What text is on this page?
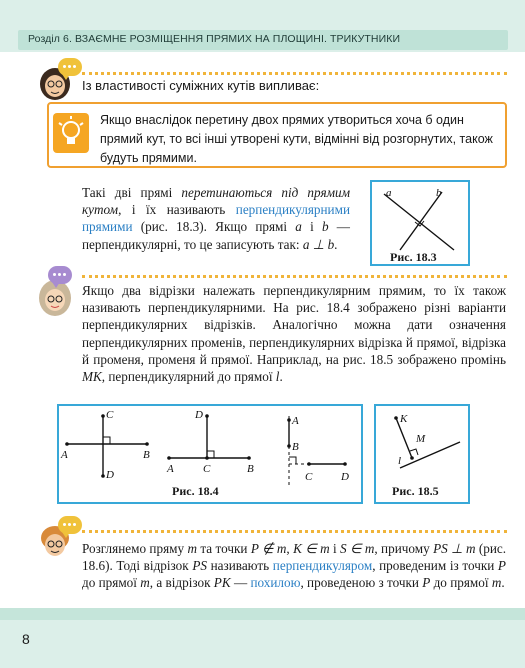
Розділ 6. ВЗАЄМНЕ РОЗМІЩЕННЯ ПРЯМИХ НА ПЛОЩИНІ. ТРИКУТНИКИ
Із властивості суміжних кутів випливає:
Якщо внаслідок перетину двох прямих утвориться хоча б один прямий кут, то всі інші утворені кути, відмінні від розгорнутих, також будуть прямими.
Такі дві прямі перетинаються під прямим кутом, і їх називають перпендикулярними прямими (рис. 18.3). Якщо прямі a і b — перпендикулярні, то це записують так: a ⊥ b.
a	b
Рис. 18.3
Якщо два відрізки належать перпендикулярним прямим, то їх також називають перпендикулярними. На рис. 18.4 зображено різні варіанти перпендикулярних відрізків. Аналогічно можна дати означення перпендикулярних променів, перпендикулярних відрізка й прямої, відрізка й променя, променя й прямої. Наприклад, на рис. 18.5 зображено промінь MK, перпендикулярний до прямої l.
C
A	B
D
D
A	C	B
A
B
C	D
Рис. 18.4
K
M
l
Рис. 18.5
Розглянемо пряму m та точки P ∉ m, K ∈ m і S ∈ m, причому PS ⊥ m (рис. 18.6). Тоді відрізок PS називають перпендикуляром, проведеним із точки P до прямої m, а відрізок PK — похилою, проведеною з точки P до прямої m.
8
